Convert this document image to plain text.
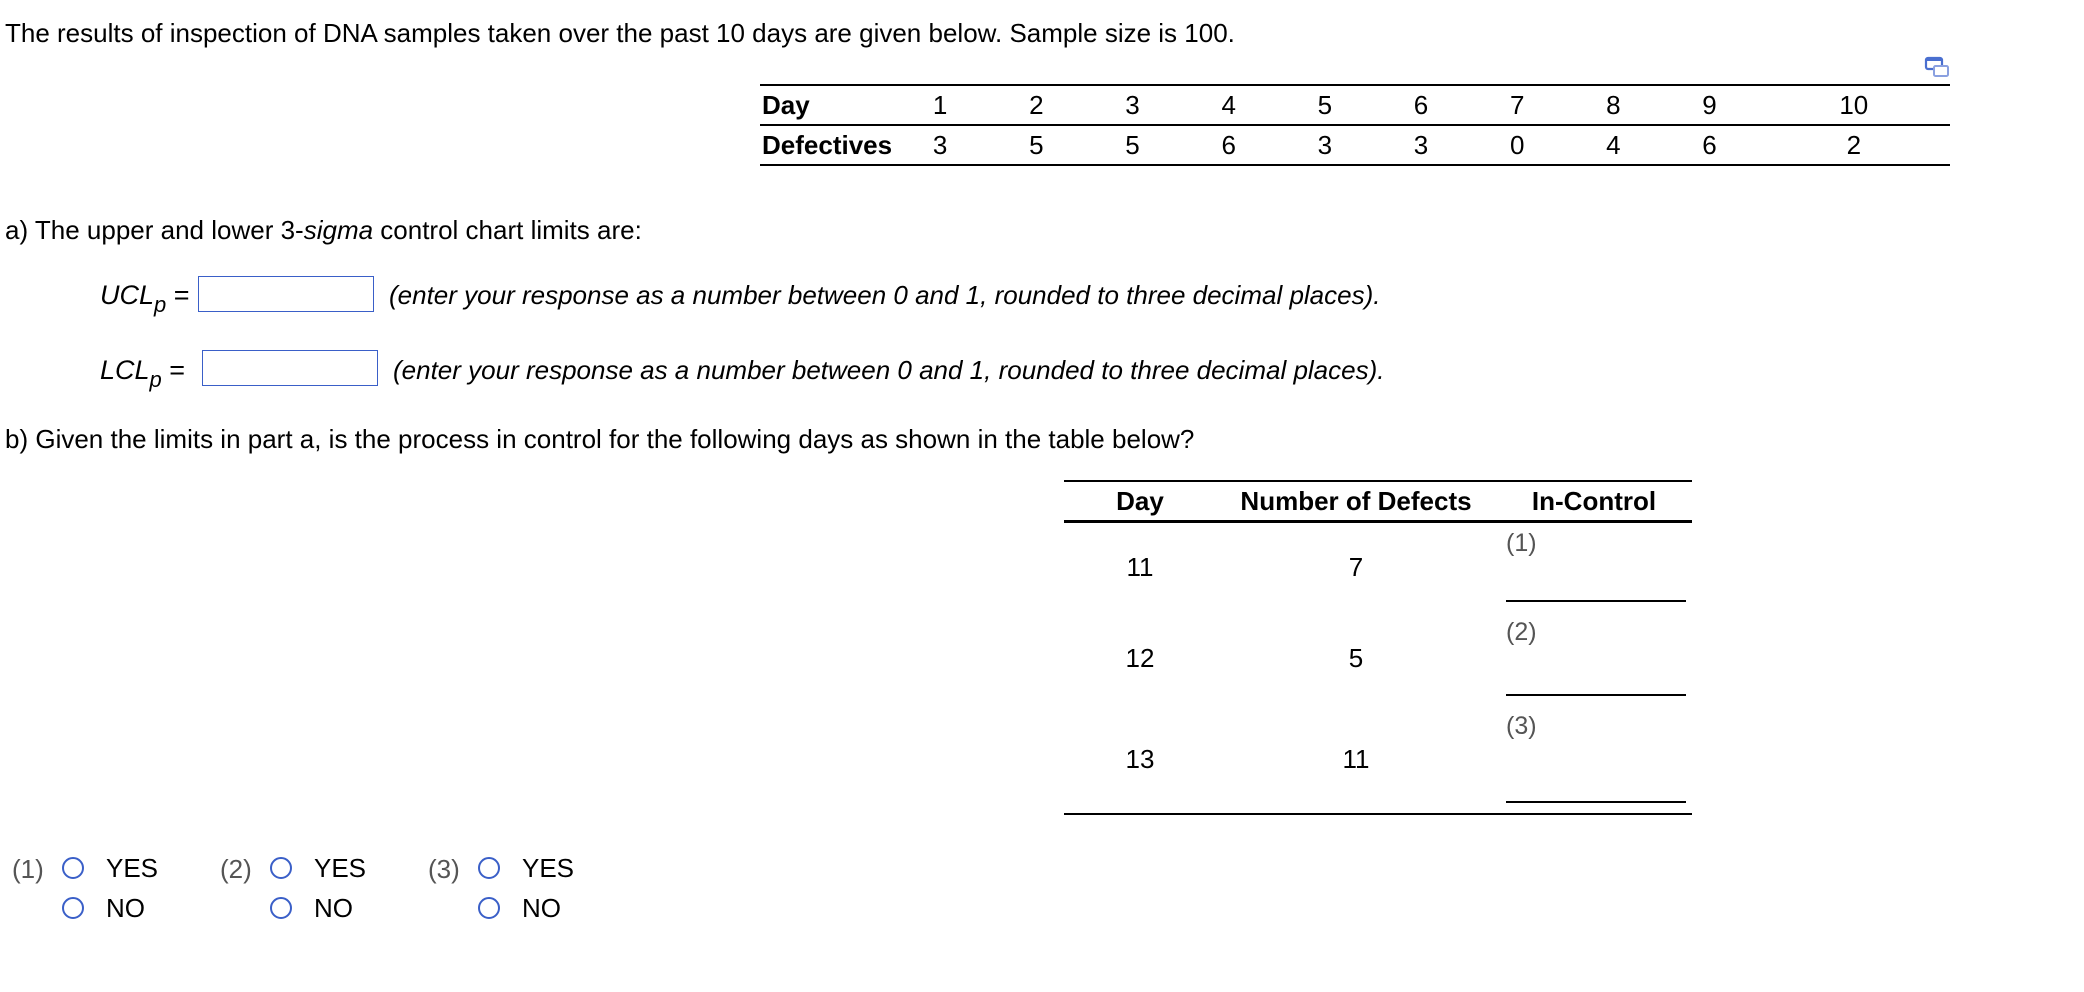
The results of inspection of DNA samples taken over the past 10 days are given below. Sample size is 100.
Day	1	2	3	4	5	6	7	8	9	10
Defectives	3	5	5	6	3	3	0	4	6	2
a) The upper and lower 3-sigma control chart limits are:
$UCL_p$ =	(enter your response as a number between 0 and 1, rounded to three decimal places).
$LCL_p$ =	(enter your response as a number between 0 and 1, rounded to three decimal places).
b) Given the limits in part a, is the process in control for the following days as shown in the table below?
Day	Number of Defects	In-Control
11	7	(1)

12	5	(2)

13	11	(3)
(1) YES
NO
(2) YES
NO
(3) YES
NO
